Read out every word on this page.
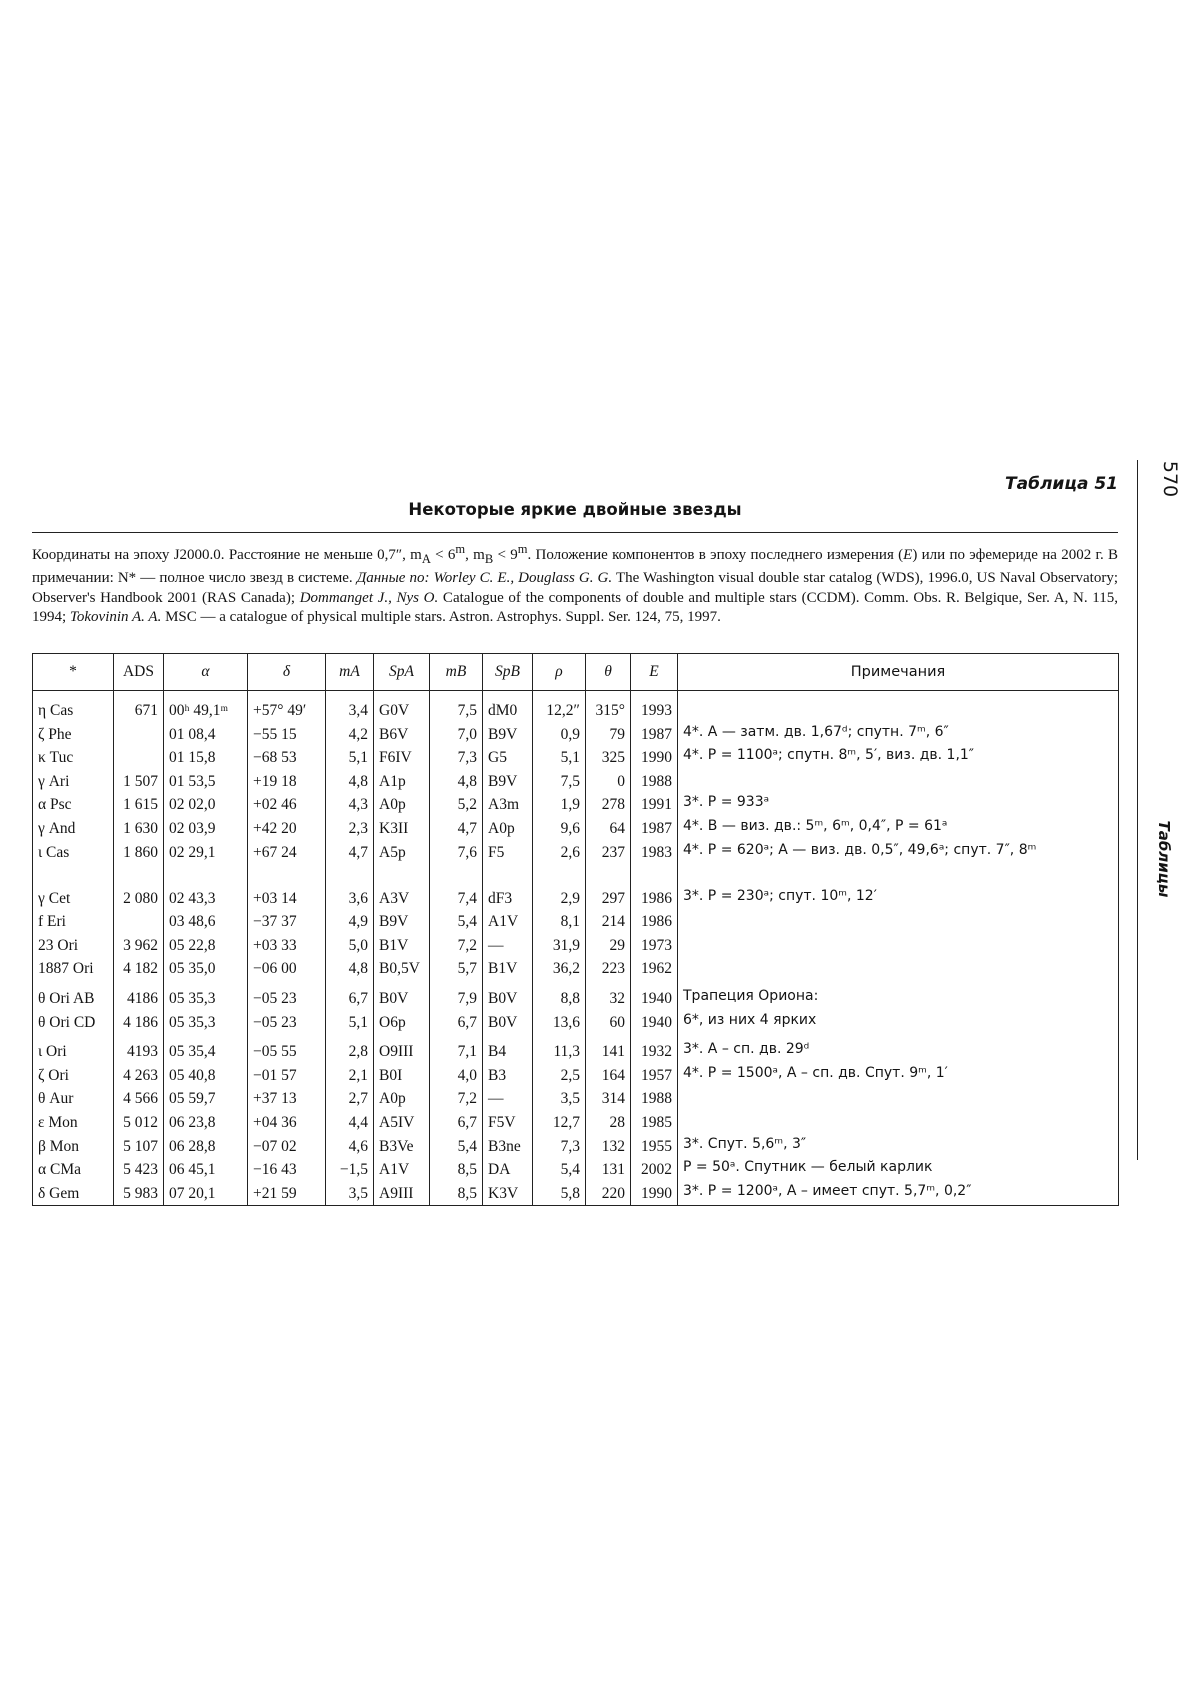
Таблица 51
Некоторые яркие двойные звезды

Координаты на эпоху J2000.0. Расстояние не меньше 0,7″, $m_A < 6^m$, $m_B < 9^m$. Положение компонентов в эпоху последнего измерения (E) или по эфемериде на 2002 г. В примечании: N* — полное число звезд в системе. Данные по: Worley C. E., Douglass G. G. The Washington visual double star catalog (WDS), 1996.0, US Naval Observatory; Observer's Handbook 2001 (RAS Canada); Dommanget J., Nys O. Catalogue of the components of double and multiple stars (CCDM). Comm. Obs. R. Belgique, Ser. A, N. 115, 1994; Tokovinin A. A. MSC — a catalogue of physical multiple stars. Astron. Astrophys. Suppl. Ser. 124, 75, 1997.

*	ADS	α	δ	mA	SpA	mB	SpB	ρ	θ	E	Примечания
η Cas	671	00ʰ 49,1ᵐ	+57° 49′	3,4	G0V	7,5	dM0	12,2″	315°	1993	
ζ Phe		01 08,4	−55 15	4,2	B6V	7,0	B9V	0,9	79	1987	4*. A — затм. дв. 1,67ᵈ; спутн. 7ᵐ, 6″
κ Tuc		01 15,8	−68 53	5,1	F6IV	7,3	G5	5,1	325	1990	4*. P = 1100ᵃ; спутн. 8ᵐ, 5′, виз. дв. 1,1″
γ Ari	1 507	01 53,5	+19 18	4,8	A1p	4,8	B9V	7,5	0	1988	
α Psc	1 615	02 02,0	+02 46	4,3	A0p	5,2	A3m	1,9	278	1991	3*. P = 933ᵃ
γ And	1 630	02 03,9	+42 20	2,3	K3II	4,7	A0p	9,6	64	1987	4*. B — виз. дв.: 5ᵐ, 6ᵐ, 0,4″, P = 61ᵃ
ι Cas	1 860	02 29,1	+67 24	4,7	A5p	7,6	F5	2,6	237	1983	4*. P = 620ᵃ; A — виз. дв. 0,5″, 49,6ᵃ; спут. 7″, 8ᵐ
γ Cet	2 080	02 43,3	+03 14	3,6	A3V	7,4	dF3	2,9	297	1986	3*. P = 230ᵃ; спут. 10ᵐ, 12′
f Eri		03 48,6	−37 37	4,9	B9V	5,4	A1V	8,1	214	1986	
23 Ori	3 962	05 22,8	+03 33	5,0	B1V	7,2	—	31,9	29	1973	
1887 Ori	4 182	05 35,0	−06 00	4,8	B0,5V	5,7	B1V	36,2	223	1962	
θ Ori AB	4186	05 35,3	−05 23	6,7	B0V	7,9	B0V	8,8	32	1940	Трапеция Ориона:
θ Ori CD	4 186	05 35,3	−05 23	5,1	O6p	6,7	B0V	13,6	60	1940	6*, из них 4 ярких
ι Ori	4193	05 35,4	−05 55	2,8	O9III	7,1	B4	11,3	141	1932	3*. A – сп. дв. 29ᵈ
ζ Ori	4 263	05 40,8	−01 57	2,1	B0I	4,0	B3	2,5	164	1957	4*. P = 1500ᵃ, A – сп. дв. Спут. 9ᵐ, 1′
θ Aur	4 566	05 59,7	+37 13	2,7	A0p	7,2	—	3,5	314	1988	
ε Mon	5 012	06 23,8	+04 36	4,4	A5IV	6,7	F5V	12,7	28	1985	
β Mon	5 107	06 28,8	−07 02	4,6	B3Ve	5,4	B3ne	7,3	132	1955	3*. Спут. 5,6ᵐ, 3″
α CMa	5 423	06 45,1	−16 43	−1,5	A1V	8,5	DA	5,4	131	2002	P = 50ᵃ. Спутник — белый карлик
δ Gem	5 983	07 20,1	+21 59	3,5	A9III	8,5	K3V	5,8	220	1990	3*. P = 1200ᵃ, A – имеет спут. 5,7ᵐ, 0,2″
570
Таблицы
